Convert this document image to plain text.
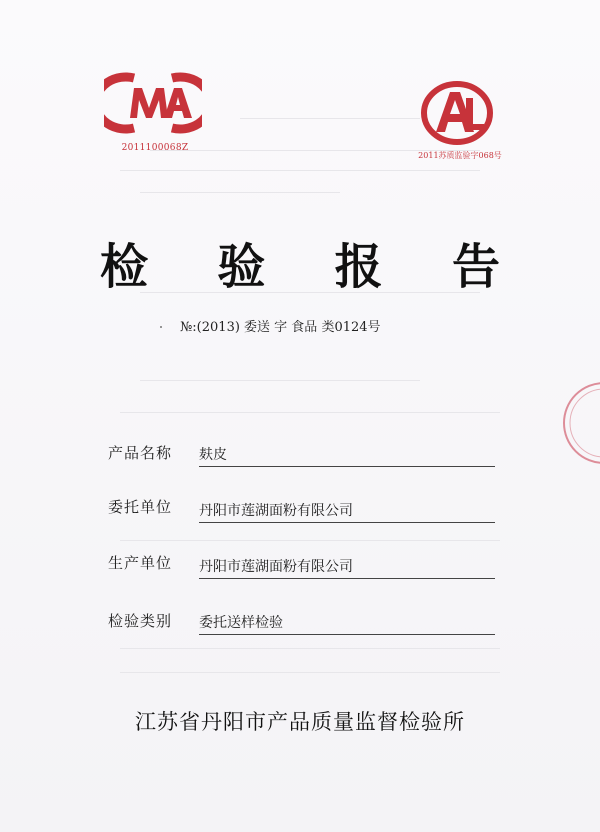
2011100068Z
2011苏质监验字068号
检 验 报 告
№:(2013) 委送 字 食品 类0124号
产品名称	麸皮
委托单位	丹阳市莲湖面粉有限公司
生产单位	丹阳市莲湖面粉有限公司
检验类别	委托送样检验
江苏省丹阳市产品质量监督检验所
